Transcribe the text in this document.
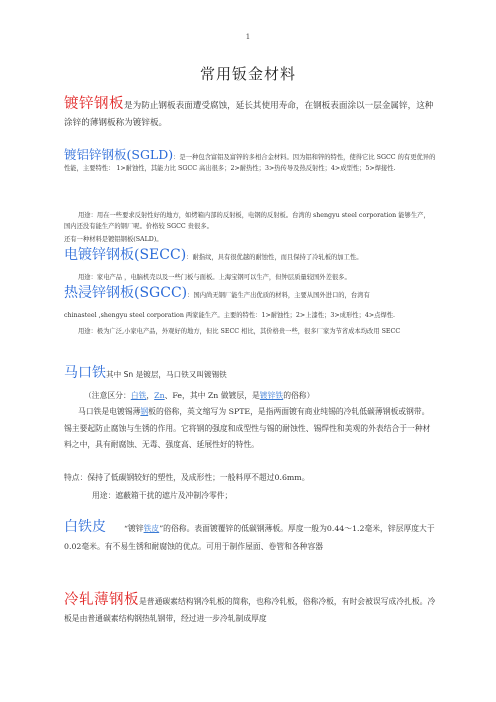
1
常用钣金材料
镀锌钢板是为防止钢板表面遭受腐蚀，延长其使用寿命，在钢板表面涂以一层金属锌，这种涂锌的薄钢板称为镀锌板。
镀铝锌钢板(SGLD)：是一种包含富铝及富锌的多相合金材料。因为铝和锌的特性，使得它比 SGCC 的有更优异的性能，主要特性： 1>耐蚀性，其能力比 SGCC 高出很多；2>耐热性；3>热传导及热反射性；4>成型性；5>焊接性.
用途：用在一些要求反射性好的地方，如烤箱内部的反射板，电钢的反射板。台湾的 shengyu steel corporation 能够生产，国内还没有能生产的钢厂呢。价格较 SGCC 贵很多。
还有一种材料是镀铝钢板(SALD)。
电镀锌钢板(SECC)：耐指纹，具有很优越的耐蚀性，而且保持了冷轧板的加工性。
用途：家电产品 ，电脑机壳以及一些门板与面板。上海宝钢可以生产，但钟层质量较国外差很多。
热浸锌钢板(SGCC)：国内尚无钢厂能生产出优质的材料，主要从国外进口的，台湾有
chinasteel ,shengyu steel corporation 两家能生产。主要的特性：1>耐蚀性；2>上漆性；3>成形性；4>点焊性.
用途：极为广泛,小家电产品，外观好的地方，但比 SECC 相比，其价格贵一些，很多厂家为节省成本均改用 SECC
马口铁其中 Sn 是镀层，马口铁又叫镀锡铁
（注意区分：白铁，Zn、Fe，其中 Zn 做镀层，是镀锌铁的俗称）
马口铁是电镀锡薄钢板的俗称，英文缩写为 SPTE，是指两面镀有商业纯锡的冷轧低碳薄钢板或钢带。锡主要起防止腐蚀与生锈的作用。它将钢的强度和成型性与锡的耐蚀性、锡焊性和美观的外表结合于一种材料之中，具有耐腐蚀、无毒、强度高、延展性好的特性。
特点：保持了低碳钢较好的塑性，及成形性；一般料厚不超过0.6mm。
用途：遮蔽箱干扰的遮片及冲制冷零件；
白铁皮 “镀锌铁皮”的俗称。表面镀覆锌的低碳钢薄板。厚度一般为0.44～1.2毫米，锌层厚度大于0.02毫米。有不易生锈和耐腐蚀的优点。可用于制作屋面、卷管和各种容器
冷轧薄钢板是普通碳素结构钢冷轧板的简称，也称冷轧板，俗称冷板，有时会被误写成冷扎板。冷板是由普通碳素结构钢热轧钢带，经过进一步冷轧制成厚度
